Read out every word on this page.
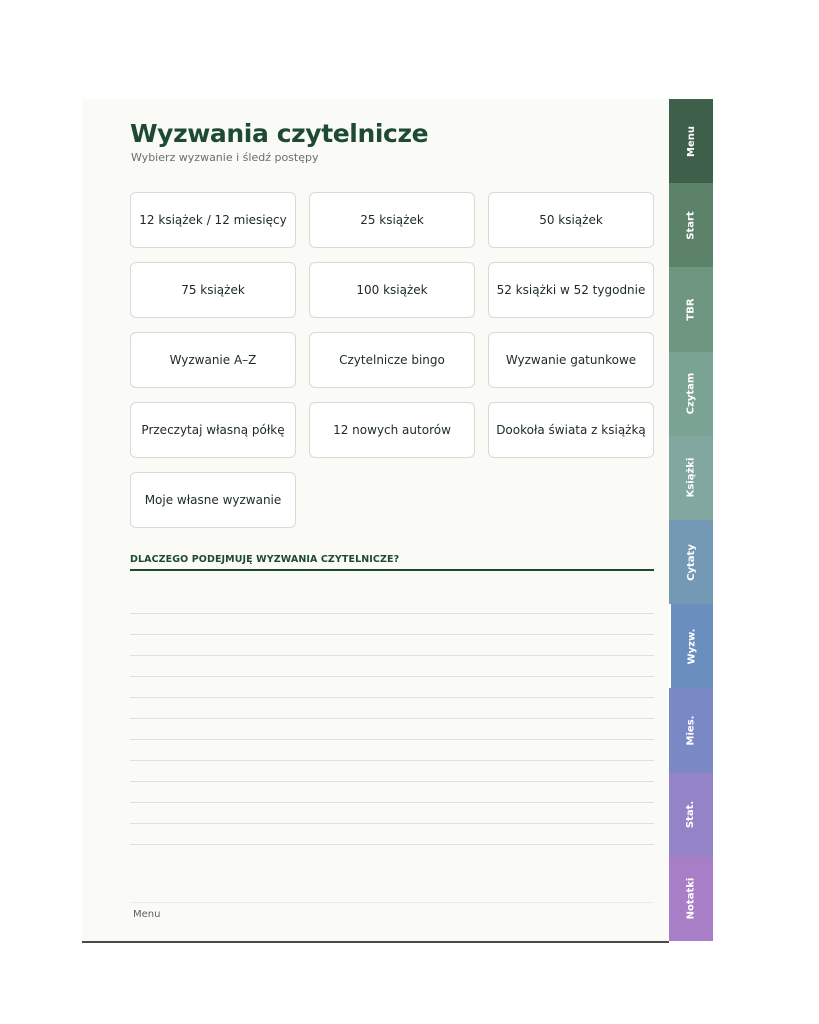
Wyzwania czytelnicze

Wybierz wyzwanie i śledź postępy

12 książek / 12 miesięcy	25 książek	50 książek
75 książek	100 książek	52 książki w 52 tygodnie
Wyzwanie A–Z	Czytelnicze bingo	Wyzwanie gatunkowe
Przeczytaj własną półkę	12 nowych autorów	Dookoła świata z książką
Moje własne wyzwanie
DLACZEGO PODEJMUJĘ WYZWANIA CZYTELNICZE?
Menu
Menu
Start
TBR
Czytam
Książki
Cytaty
Wyzw.
Mies.
Stat.
Notatki
